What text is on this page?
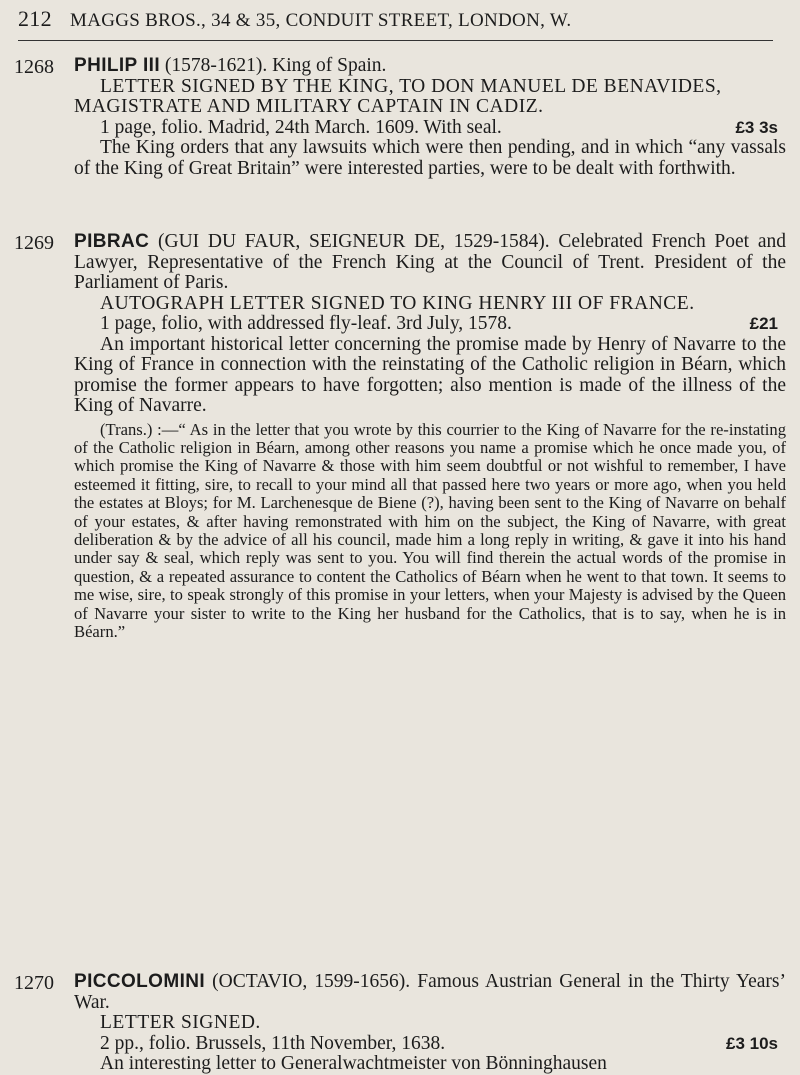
212 MAGGS BROS., 34 & 35, CONDUIT STREET, LONDON, W.
1268 PHILIP III (1578-1621). King of Spain.

LETTER SIGNED BY THE KING, TO DON MANUEL DE BENAVIDES, MAGISTRATE AND MILITARY CAPTAIN IN CADIZ.

1 page, folio. Madrid, 24th March. 1609. With seal.	£3 3s

The King orders that any lawsuits which were then pending, and in which “any vassals of the King of Great Britain” were interested parties, were to be dealt with forthwith.

1269 PIBRAC (GUI DU FAUR, SEIGNEUR DE, 1529-1584). Celebrated French Poet and Lawyer, Representative of the French King at the Council of Trent. President of the Parliament of Paris.

AUTOGRAPH LETTER SIGNED TO KING HENRY III OF FRANCE.

1 page, folio, with addressed fly-leaf. 3rd July, 1578.	£21

An important historical letter concerning the promise made by Henry of Navarre to the King of France in connection with the reinstating of the Catholic religion in Béarn, which promise the former appears to have forgotten; also mention is made of the illness of the King of Navarre.

(Trans.) :—“ As in the letter that you wrote by this courrier to the King of Navarre for the re-instating of the Catholic religion in Béarn, among other reasons you name a promise which he once made you, of which promise the King of Navarre & those with him seem doubtful or not wishful to remember, I have esteemed it fitting, sire, to recall to your mind all that passed here two years or more ago, when you held the estates at Bloys; for M. Larchenesque de Biene (?), having been sent to the King of Navarre on behalf of your estates, & after having remonstrated with him on the subject, the King of Navarre, with great deliberation & by the advice of all his council, made him a long reply in writing, & gave it into his hand under say & seal, which reply was sent to you. You will find therein the actual words of the promise in question, & a repeated assurance to content the Catholics of Béarn when he went to that town. It seems to me wise, sire, to speak strongly of this promise in your letters, when your Majesty is advised by the Queen of Navarre your sister to write to the King her husband for the Catholics, that is to say, when he is in Béarn.”

1270 PICCOLOMINI (OCTAVIO, 1599-1656). Famous Austrian General in the Thirty Years’ War.

LETTER SIGNED.

2 pp., folio. Brussels, 11th November, 1638.	£3 10s

An interesting letter to Generalwachtmeister von Bönninghausen
